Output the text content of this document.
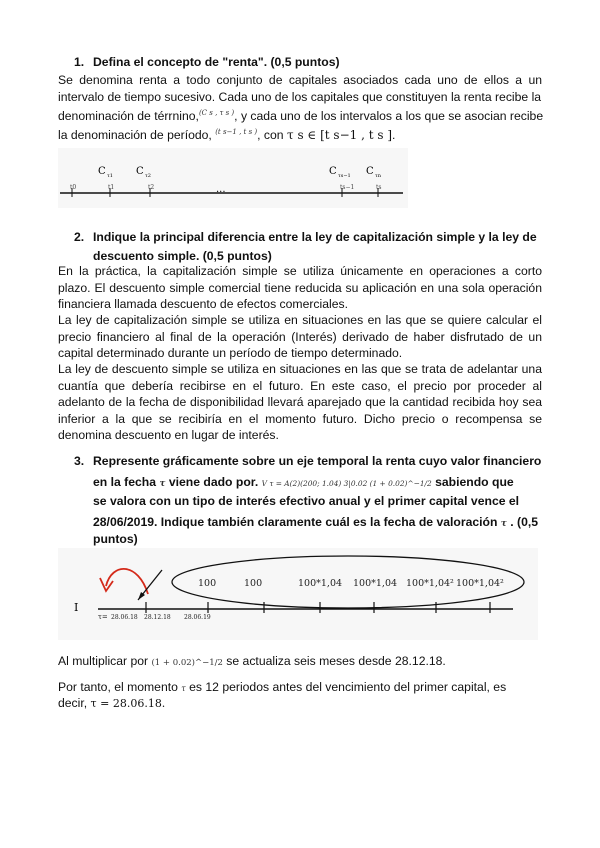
1. Defina el concepto de "renta". (0,5 puntos)
Se denomina renta a todo conjunto de capitales asociados cada uno de ellos a un intervalo de tiempo sucesivo. Cada uno de los capitales que constituyen la renta recibe la
denominación de térrnino,$^{(C s , \tau s )}$, y cada uno de los intervalos a los que se asocian recibe
la denominación de período, $^{(t s-1 , t s )}$, con τ s ∈ [t s−1 , t s ].
C τ1 C τ2	C τs−1 C τn
t0	t1	t2	ts−1	ts
...
2. Indique la principal diferencia entre la ley de capitalización simple y la ley de
descuento simple. (0,5 puntos)
En la práctica, la capitalización simple se utiliza únicamente en operaciones a corto plazo. El descuento simple comercial tiene reducida su aplicación en una sola operación financiera llamada descuento de efectos comerciales.
La ley de capitalización simple se utiliza en situaciones en las que se quiere calcular el precio financiero al final de la operación (Interés) derivado de haber disfrutado de un capital determinado durante un período de tiempo determinado.
La ley de descuento simple se utiliza en situaciones en las que se trata de adelantar una cuantía que debería recibirse en el futuro. En este caso, el precio por proceder al adelanto de la fecha de disponibilidad llevará aparejado que la cantidad recibida hoy sea inferior a la que se recibiría en el momento futuro. Dicho precio o recompensa se denomina descuento en lugar de interés.
3. Represente gráficamente sobre un eje temporal la renta cuyo valor financiero
en la fecha τ viene dado por. V τ = A(2)(200; 1.04) 3|0.02 (1 + 0.02)^−1/2 sabiendo que
se valora con un tipo de interés efectivo anual y el primer capital vence el
28/06/2019. Indique también claramente cuál es la fecha de valoración τ . (0,5
puntos)
100	100	100*1,04 100*1,04 100*1,04² 100*1,04²
I
τ= 28.06.18 28.12.18 28.06.19
Al multiplicar por (1 + 0.02)^−1/2 se actualiza seis meses desde 28.12.18.
Por tanto, el momento τ es 12 periodos antes del vencimiento del primer capital, es
decir, τ = 28.06.18.
